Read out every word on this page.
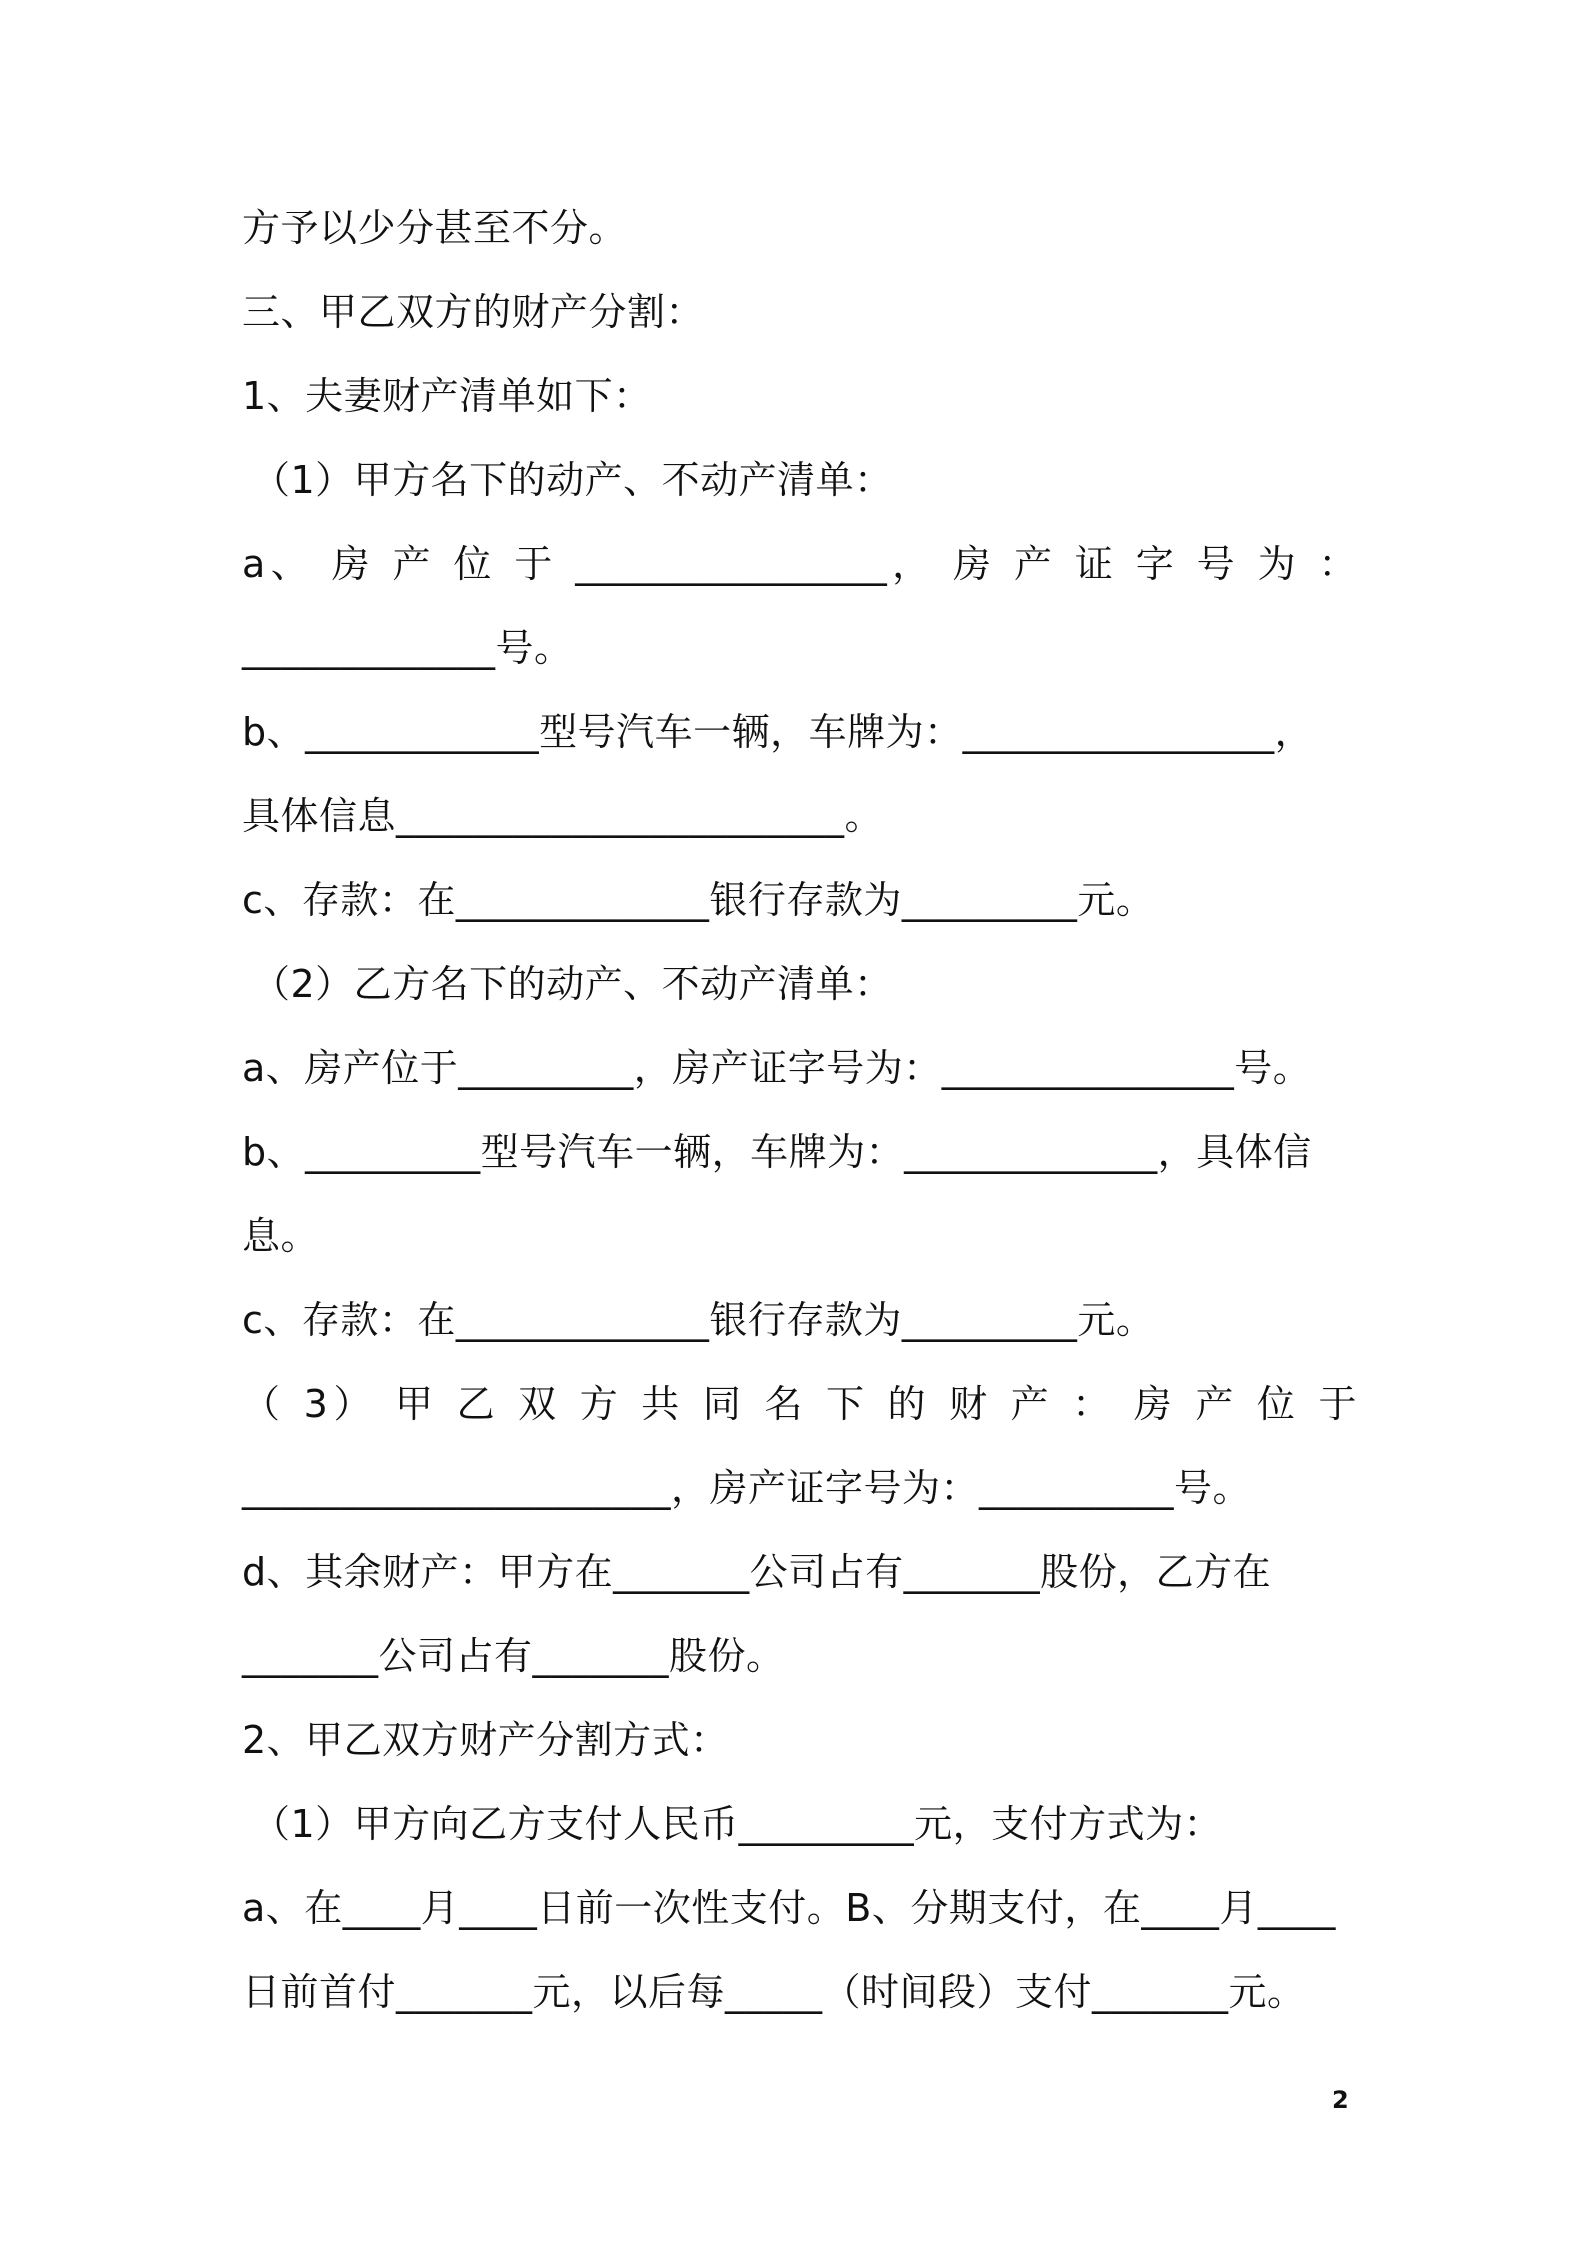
方予以少分甚至不分。
三、甲乙双方的财产分割：
1、夫妻财产清单如下：
（1）甲方名下的动产、不动产清单：
a、 房 产 位 于 ________________， 房 产 证 字 号 为 ：
_____________号。
b、____________型号汽车一辆，车牌为：________________，
具体信息_______________________。
c、存款：在_____________银行存款为_________元。
（2）乙方名下的动产、不动产清单：
a、房产位于_________，房产证字号为：_______________号。
b、_________型号汽车一辆，车牌为：_____________，具体信
息。
c、存款：在_____________银行存款为_________元。
（ 3） 甲 乙 双 方 共 同 名 下 的 财 产 ： 房 产 位 于
______________________，房产证字号为：__________号。
d、其余财产：甲方在_______公司占有_______股份，乙方在
_______公司占有_______股份。
2、甲乙双方财产分割方式：
（1）甲方向乙方支付人民币_________元，支付方式为：
a、在____月____日前一次性支付。B、分期支付，在____月____
日前首付_______元，以后每_____（时间段）支付_______元。
2
